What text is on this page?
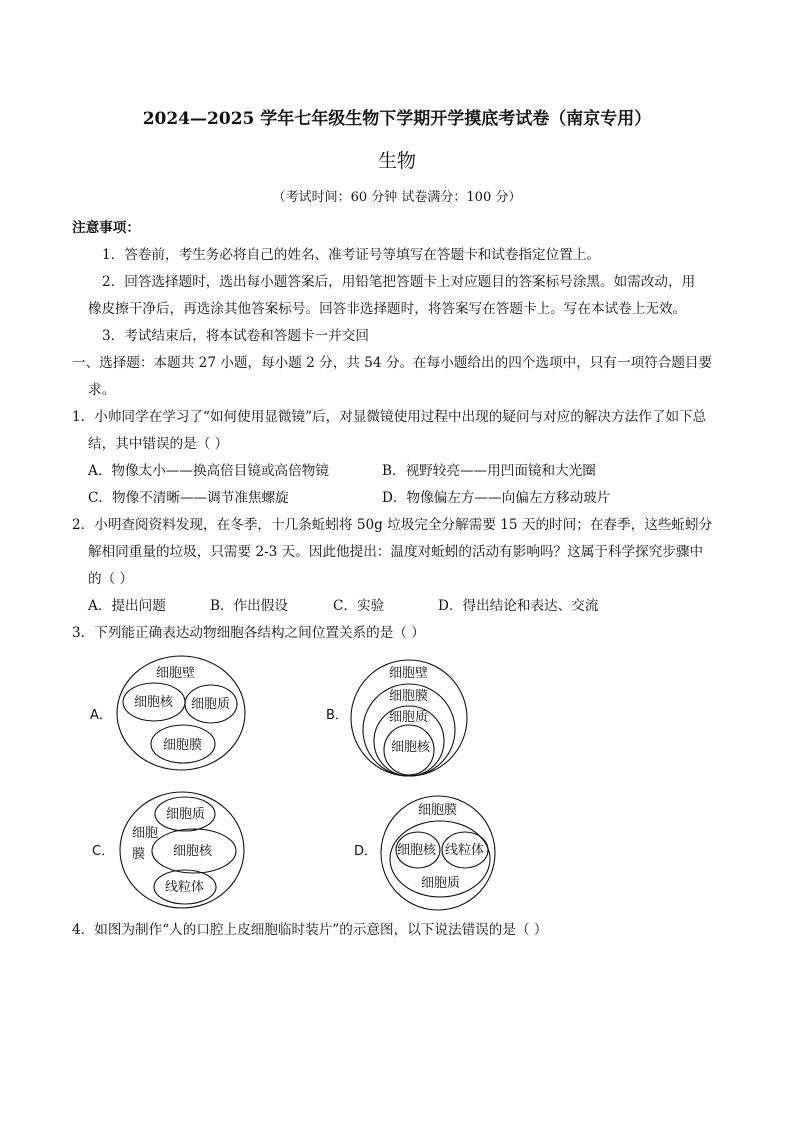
2024—2025 学年七年级生物下学期开学摸底考试卷（南京专用）
生物
（考试时间：60 分钟 试卷满分：100 分）
注意事项：
1．答卷前，考生务必将自己的姓名、准考证号等填写在答题卡和试卷指定位置上。
2．回答选择题时，选出每小题答案后，用铅笔把答题卡上对应题目的答案标号涂黑。如需改动，用
橡皮擦干净后，再选涂其他答案标号。回答非选择题时，将答案写在答题卡上。写在本试卷上无效。
3．考试结束后，将本试卷和答题卡一并交回
一、选择题：本题共 27 小题，每小题 2 分，共 54 分。在每小题给出的四个选项中，只有一项符合题目要
求。
1．小帅同学在学习了“如何使用显微镜”后，对显微镜使用过程中出现的疑问与对应的解决方法作了如下总
结，其中错误的是（ ）
A．物像太小——换高倍目镜或高倍物镜	B．视野较亮——用凹面镜和大光圈
C．物像不清晰——调节准焦螺旋	D．物像偏左方——向偏左方移动玻片
2．小明查阅资料发现，在冬季，十几条蚯蚓将 50g 垃圾完全分解需要 15 天的时间；在春季，这些蚯蚓分
解相同重量的垃圾，只需要 2-3 天。因此他提出：温度对蚯蚓的活动有影响吗？这属于科学探究步骤中
的（ ）
A．提出问题	B．作出假设	C．实验	D．得出结论和表达、交流
3．下列能正确表达动物细胞各结构之间位置关系的是（ ）
A．
细胞壁
细胞核 细胞质
细胞膜
B．
细胞壁
细胞膜
细胞质
细胞核
C．
细胞
膜
细胞质
细胞核
线粒体
D．
细胞膜
细胞核 线粒体
细胞质
4．如图为制作“人的口腔上皮细胞临时装片”的示意图，以下说法错误的是（ ）
